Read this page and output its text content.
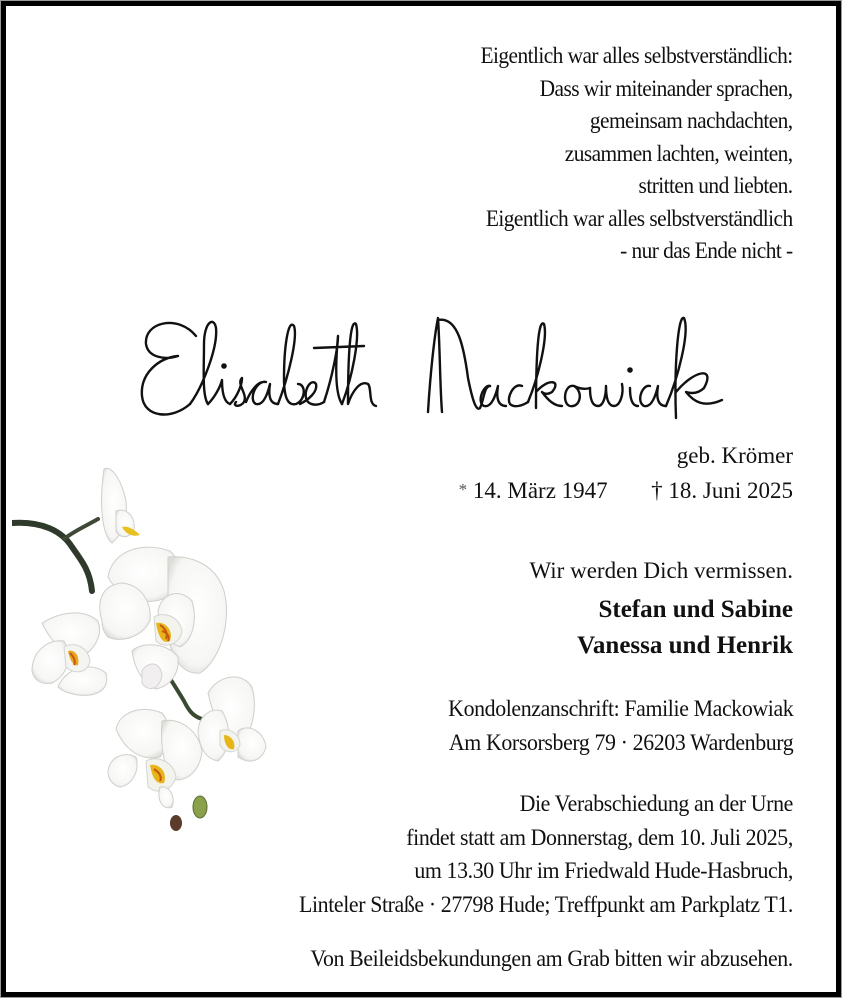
Eigentlich war alles selbstverständlich:
Dass wir miteinander sprachen,
gemeinsam nachdachten,
zusammen lachten, weinten,
stritten und liebten.
Eigentlich war alles selbstverständlich
- nur das Ende nicht -
geb. Krömer
* 14. März 1947 † 18. Juni 2025
Wir werden Dich vermissen.
Stefan und Sabine
Vanessa und Henrik
Kondolenzanschrift: Familie Mackowiak
Am Korsorsberg 79 · 26203 Wardenburg
Die Verabschiedung an der Urne
findet statt am Donnerstag, dem 10. Juli 2025,
um 13.30 Uhr im Friedwald Hude-Hasbruch,
Linteler Straße · 27798 Hude; Treffpunkt am Parkplatz T1.
Von Beileidsbekundungen am Grab bitten wir abzusehen.
